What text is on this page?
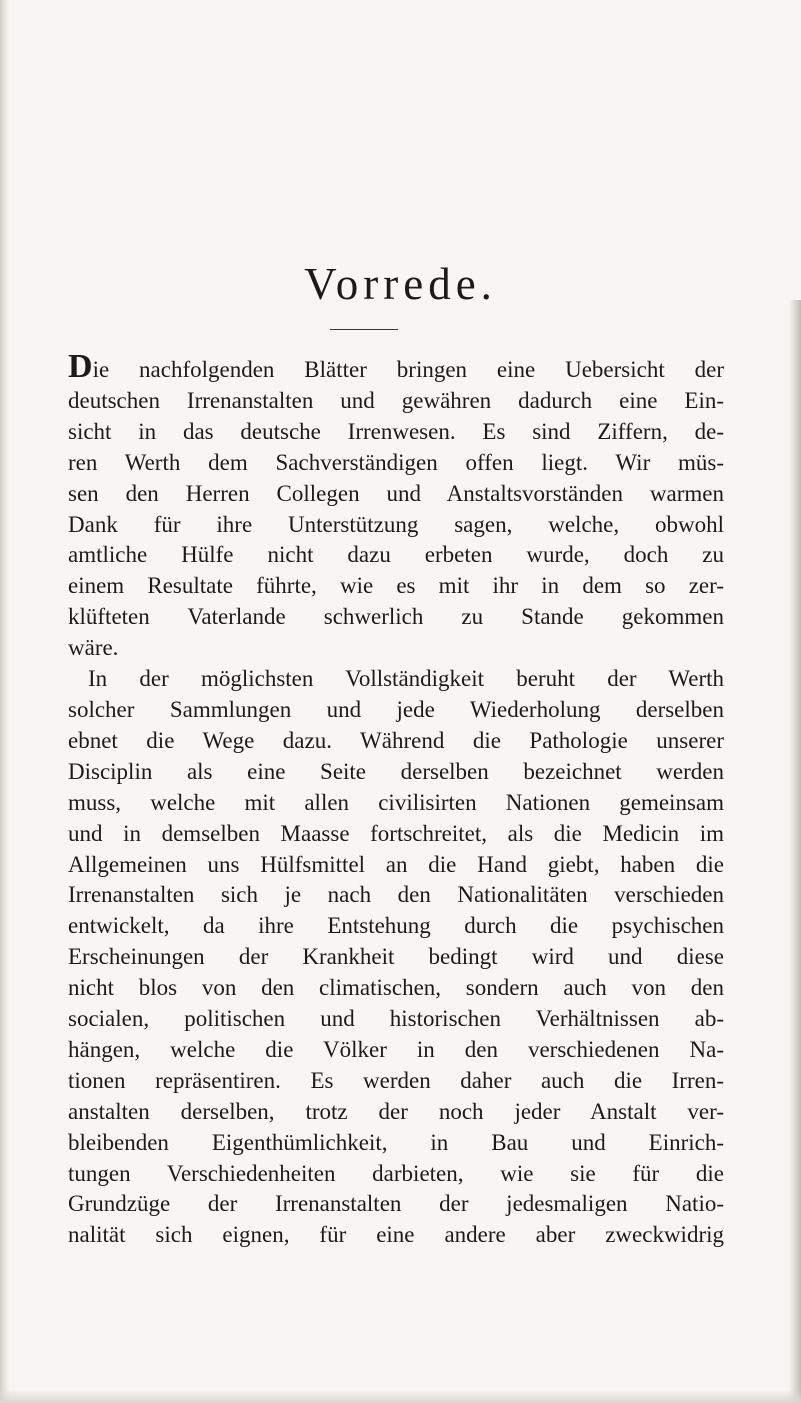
Vorrede.

Die nachfolgenden Blätter bringen eine Uebersicht der
deutschen Irrenanstalten und gewähren dadurch eine Ein-
sicht in das deutsche Irrenwesen. Es sind Ziffern, de-
ren Werth dem Sachverständigen offen liegt. Wir müs-
sen den Herren Collegen und Anstaltsvorständen warmen
Dank für ihre Unterstützung sagen, welche, obwohl
amtliche Hülfe nicht dazu erbeten wurde, doch zu
einem Resultate führte, wie es mit ihr in dem so zer-
klüfteten Vaterlande schwerlich zu Stande gekommen
wäre.

In der möglichsten Vollständigkeit beruht der Werth
solcher Sammlungen und jede Wiederholung derselben
ebnet die Wege dazu. Während die Pathologie unserer
Disciplin als eine Seite derselben bezeichnet werden
muss, welche mit allen civilisirten Nationen gemeinsam
und in demselben Maasse fortschreitet, als die Medicin im
Allgemeinen uns Hülfsmittel an die Hand giebt, haben die
Irrenanstalten sich je nach den Nationalitäten verschieden
entwickelt, da ihre Entstehung durch die psychischen
Erscheinungen der Krankheit bedingt wird und diese
nicht blos von den climatischen, sondern auch von den
socialen, politischen und historischen Verhältnissen ab-
hängen, welche die Völker in den verschiedenen Na-
tionen repräsentiren. Es werden daher auch die Irren-
anstalten derselben, trotz der noch jeder Anstalt ver-
bleibenden Eigenthümlichkeit, in Bau und Einrich-
tungen Verschiedenheiten darbieten, wie sie für die
Grundzüge der Irrenanstalten der jedesmaligen Natio-
nalität sich eignen, für eine andere aber zweckwidrig
